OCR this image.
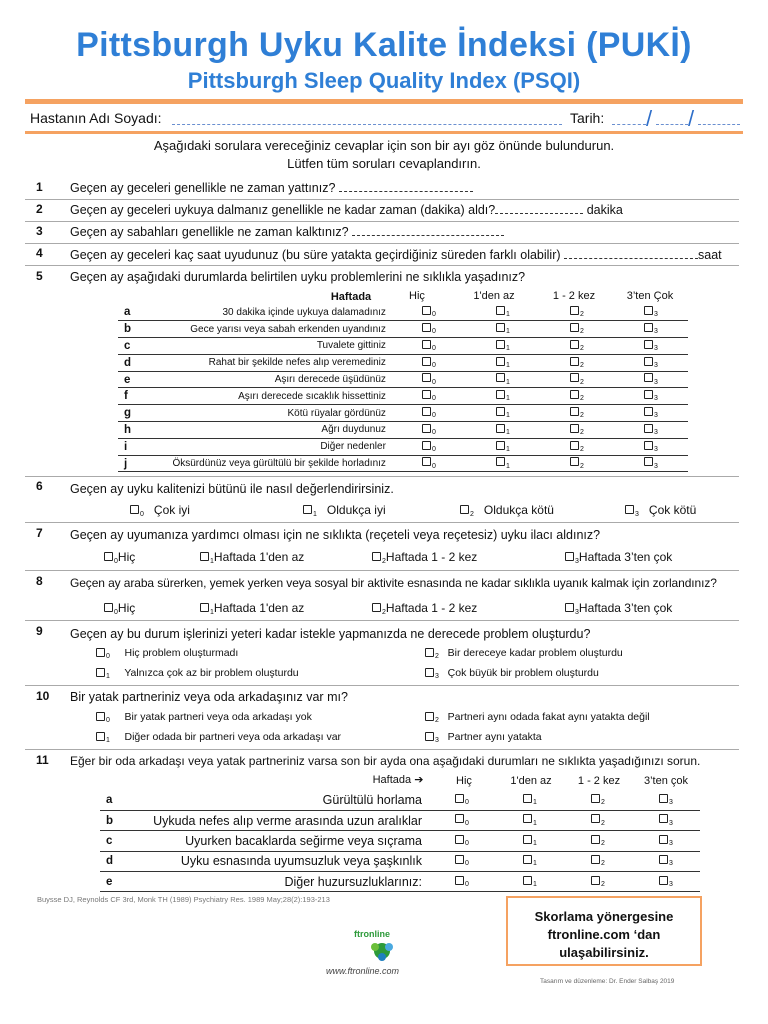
Pittsburgh Uyku Kalite İndeksi (PUKİ)
Pittsburgh Sleep Quality Index (PSQI)
Hastanın Adı Soyadı:	Tarih: / /
Aşağıdaki sorulara vereceğiniz cevaplar için son bir ayı göz önünde bulundurun.
Lütfen tüm soruları cevaplandırın.
1 Geçen ay geceleri genellikle ne zaman yattınız?
2 Geçen ay geceleri uykuya dalmanız genellikle ne kadar zaman (dakika) aldı?	dakika
3 Geçen ay sabahları genellikle ne zaman kalktınız?
4 Geçen ay geceleri kaç saat uyudunuz (bu süre yatakta geçirdiğiniz süreden farklı olabilir)	saat
5 Geçen ay aşağıdaki durumlarda belirtilen uyku problemlerini ne sıklıkla yaşadınız?
Haftada	Hiç	1'den az	1 - 2 kez	3’ten Çok
a	30 dakika içinde uykuya dalamadınız	$_0$	$_1$	$_2$	$_3$
b	Gece yarısı veya sabah erkenden uyandınız	$_0$	$_1$	$_2$	$_3$
c	Tuvalete gittiniz	$_0$	$_1$	$_2$	$_3$
d	Rahat bir şekilde nefes alıp veremediniz	$_0$	$_1$	$_2$	$_3$
e	Aşırı derecede üşüdünüz	$_0$	$_1$	$_2$	$_3$
f	Aşırı derecede sıcaklık hissettiniz	$_0$	$_1$	$_2$	$_3$
g	Kötü rüyalar gördünüz	$_0$	$_1$	$_2$	$_3$
h	Ağrı duydunuz	$_0$	$_1$	$_2$	$_3$
i	Diğer nedenler	$_0$	$_1$	$_2$	$_3$
j	Öksürdünüz veya gürültülü bir şekilde horladınız	$_0$	$_1$	$_2$	$_3$
6 Geçen ay uyku kalitenizi bütünü ile nasıl değerlendirirsiniz.
$_0$ Çok iyi	$_1$ Oldukça iyi	$_2$ Oldukça kötü	$_3$ Çok kötü
7 Geçen ay uyumanıza yardımcı olması için ne sıklıkta (reçeteli veya reçetesiz) uyku ilacı aldınız?
$_0$Hiç	$_1$Haftada 1'den az	$_2$Haftada 1 - 2 kez	$_3$Haftada 3’ten çok
8 Geçen ay araba sürerken, yemek yerken veya sosyal bir aktivite esnasında ne kadar sıklıkla uyanık kalmak için zorlandınız?
$_0$Hiç	$_1$Haftada 1'den az	$_2$Haftada 1 - 2 kez	$_3$Haftada 3’ten çok
9 Geçen ay bu durum işlerinizi yeteri kadar istekle yapmanızda ne derecede problem oluşturdu?
$_0$ Hiç problem oluşturmadı
$_1$ Yalnızca çok az bir problem oluşturdu
$_2$ Bir dereceye kadar problem oluşturdu
$_3$ Çok büyük bir problem oluşturdu
10 Bir yatak partneriniz veya oda arkadaşınız var mı?
$_0$ Bir yatak partneri veya oda arkadaşı yok
$_1$ Diğer odada bir partneri veya oda arkadaşı var
$_2$ Partneri aynı odada fakat aynı yatakta değil
$_3$ Partner aynı yatakta
11 Eğer bir oda arkadaşı veya yatak partneriniz varsa son bir ayda ona aşağıdaki durumları ne sıklıkta yaşadığınızı sorun.
Haftada ➔	Hiç	1'den az	1 - 2 kez	3’ten çok
a	Gürültülü horlama	$_0$	$_1$	$_2$	$_3$
b	Uykuda nefes alıp verme arasında uzun aralıklar	$_0$	$_1$	$_2$	$_3$
c	Uyurken bacaklarda seğirme veya sıçrama	$_0$	$_1$	$_2$	$_3$
d	Uyku esnasında uyumsuzluk veya şaşkınlık	$_0$	$_1$	$_2$	$_3$
e	Diğer huzursuzluklarınız:	$_0$	$_1$	$_2$	$_3$
Buysse DJ, Reynolds CF 3rd, Monk TH (1989) Psychiatry Res. 1989 May;28(2):193-213
Skorlama yönergesine
ftronline.com ‘dan
ulaşabilirsiniz.
ftronline
www.ftronline.com
Tasarım ve düzenleme: Dr. Ender Salbaş 2019
